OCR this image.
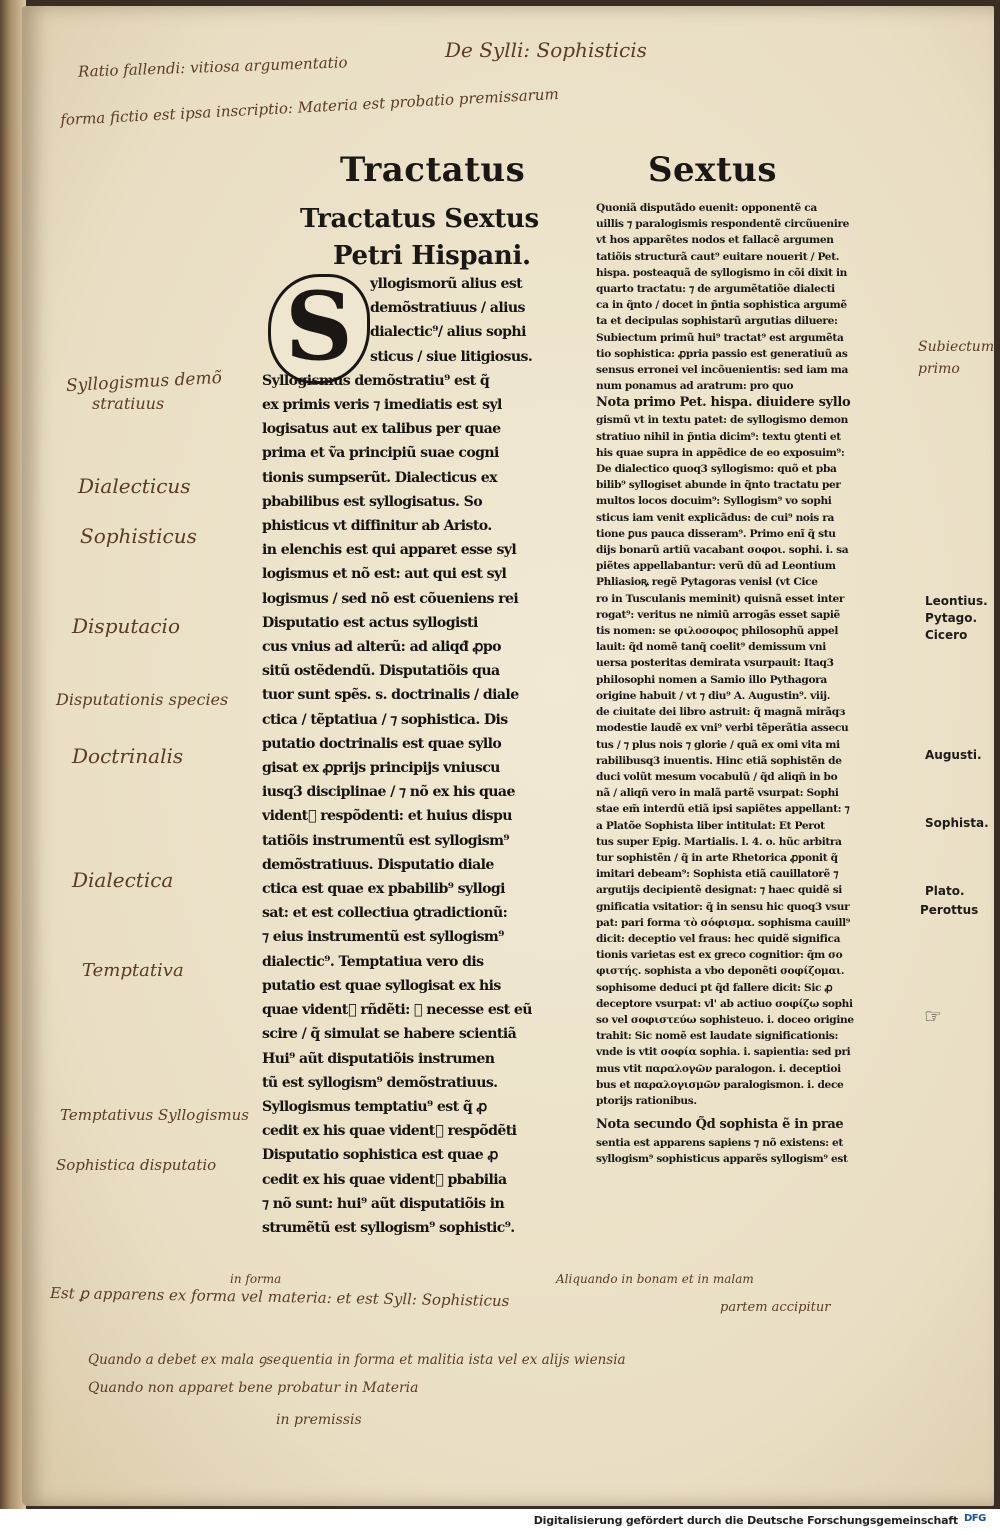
Ratio fallendi: vitiosa argumentatio
forma fictio est ipsa inscriptio: Materia est probatio premissarum
De Sylli: Sophisticis
Tractatus	Sextus
Tractatus Sextus
Petri Hispani.
S	yllogismorũ alius est
demõstratiuus / alius
dialectic⁹/ alius sophi
sticus / siue litigiosus.
Syllogismus demõstratiu⁹ est q̃
ex primis veris ⁊ imediatis est syl
logisatus aut ex talibus per quae
prima et ṽa principiũ suae cogni
tionis sumpserũt. Dialecticus ex
pbabilibus est syllogisatus. So
phisticus vt diffinitur ab Aristo.
in elenchis est qui apparet esse syl
logismus et nõ est: aut qui est syl
logismus / sed nõ est cõueniens rei
Disputatio est actus syllogisti
cus vnius ad alterũ: ad aliqđ ꝓpo
sitũ ostẽdendũ. Disputatiõis qua
tuor sunt spẽs. s. doctrinalis / diale
ctica / tẽptatiua / ⁊ sophistica. Dis
putatio doctrinalis est quae syllo
gisat ex ꝓprijs principijs vniuscu
iusq3 disciplinae / ⁊ nõ ex his quae
videntᷣ respõdenti: et huius dispu
tatiõis instrumentũ est syllogism⁹
demõstratiuus. Disputatio diale
ctica est quae ex pbabilib⁹ syllogi
sat: et est collectiua ꝯtradictionũ:
⁊ eius instrumentũ est syllogism⁹
dialectic⁹. Temptatiua vero dis
putatio est quae syllogisat ex his
quae videntᷣ rñdẽti: ⁊ necesse est eũ
scire / q̃ simulat se habere scientiã
Hui⁹ aũt disputatiõis instrumen
tũ est syllogism⁹ demõstratiuus.
Syllogismus temptatiu⁹ est q̃ ꝓ
cedit ex his quae videntᷣ respõdẽti
Disputatio sophistica est quae ꝓ
cedit ex his quae videntᷣ pbabilia
⁊ nõ sunt: hui⁹ aũt disputatiõis in
strumẽtũ est syllogism⁹ sophistic⁹.
Quoniã disputãdo euenit: opponentẽ ca
uillis ⁊ paralogismis respondentẽ circũuenire
vt hos apparẽtes nodos et fallacẽ argumen
tatiõis structurã caut⁹ euitare nouerit / Pet.
hispa. posteaquã de syllogismo in cõi dixit in
quarto tractatu: ⁊ de argumẽtatiõe dialecti
ca in q̃nto / docet in p̃ntia sophistica argumẽ
ta et decipulas sophistarũ argutias diluere:
Subiectum primũ hui⁹ tractat⁹ est argumẽta
tio sophistica: ꝓpria passio est generatiuũ as
sensus erronei vel incõuenientis: sed iam ma
num ponamus ad aratrum: pro quo
Nota primo Pet. hispa. diuidere syllo
gismũ vt in textu patet: de syllogismo demon
stratiuo nihil in p̃ntia dicim⁹: textu ꝯtenti et
his quae supra in appẽdice de eo exposuim⁹:
De dialectico quoq3 syllogismo: quõ et pba
bilib⁹ syllogiset abunde in q̃nto tractatu per
multos locos docuim⁹: Syllogism⁹ vo sophi
sticus iam venit explicãdus: de cui⁹ nois ra
tione ꝑus pauca disseram⁹. Primo enĩ q̃ stu
dijs bonarũ artiũ vacabant σοφοι. sophi. i. sa
piẽtes appellabantur: verũ dũ ad Leontium
Phliasioꝶ regẽ Pytagoras venisƚ (vt Cice
ro in Tusculanis meminit) quisnã esset inter
rogat⁹: veritus ne nimiũ arrogãs esset sapiẽ
tis nomen: se φιλοσοφος philosophũ appel
lauit: q̃d nomẽ tanq̃ coelit⁹ demissum vni
uersa posteritas demirata vsurpauit: Itaq3
philosophi nomen a Samio illo Pythagora
origine habuit / vt ⁊ diu⁹ A. Augustin⁹. viij.
de ciuitate dei libro astruit: q̃ magnã mirãqз
modestie laudẽ ex vni⁹ verbi tẽperãtia assecu
tus / ⁊ plus nois ⁊ glorie / quã ex omi vita mi
rabilibusq3 inuentis. Hinc etiã sophistẽn de
duci volũt mesum vocabulũ / q̃d aliqñ in bo
nã / aliqñ vero in malã partẽ vsurpat: Sophi
stae em̃ interdũ etiã ipsi sapiẽtes appellant: ⁊
a Platõe Sophista liber intitulat: Et Perot
tus super Epig. Martialis. l. 4. o. hũc arbitra
tur sophistẽn / q̃ in arte Rhetorica ꝓponit q̃
imitari debeam⁹: Sophista etiã cauillatorẽ ⁊
argutijs decipientẽ designat: ⁊ haec quidẽ si
gnificatia vsitatior: q̃ in sensu hic quoq3 vsur
pat: pari forma τὸ σόφισμα. sophisma cauill⁹
dicit: deceptio vel fraus: hec quidẽ significa
tionis varietas est ex greco cognitior: q̃m σο
φιστής. sophista a vbo deponẽti σοφίζομαι.
sophisome deduci pt q̃d fallere dicit: Sic ꝓ
deceptore vsurpat: vl' ab actiuo σοφίζω sophi
so vel σοφιστεύω sophisteuo. i. doceo origine
trahit: Sic nomẽ est laudate significationis:
vnde is vtit σοφία sophia. i. sapientia: sed pri
mus vtit παραλογῶν paralogon. i. deceptioi
bus et παραλογισμῶν paralogismon. i. dece
ptorijs rationibus.
Nota secundo Q̃d sophista ẽ in prae
sentia est apparens sapiens ⁊ nõ existens: et
syllogism⁹ sophisticus apparẽs syllogism⁹ est
Leontius.
Pytago.
Cicero
Augusti.
Sophista.
Plato.
Perottus
☞
Subiectum primo
Syllogismus demõ
stratiuus
Dialecticus
Sophisticus
Disputacio
Disputationis species
Doctrinalis
Dialectica
Temptativa
Temptativus Syllogismus
Sophistica disputatio
in forma
Est ꝑ apparens ex forma vel materia: et est Syll: Sophisticus
Aliquando in bonam et in malam
partem accipitur
Quando a debet ex mala ꝯsequentia in forma et malitia ista vel ex alijs wiensia
Quando non apparet bene probatur in Materia
in premissis
Digitalisierung gefördert durch die Deutsche Forschungsgemeinschaft DFG
